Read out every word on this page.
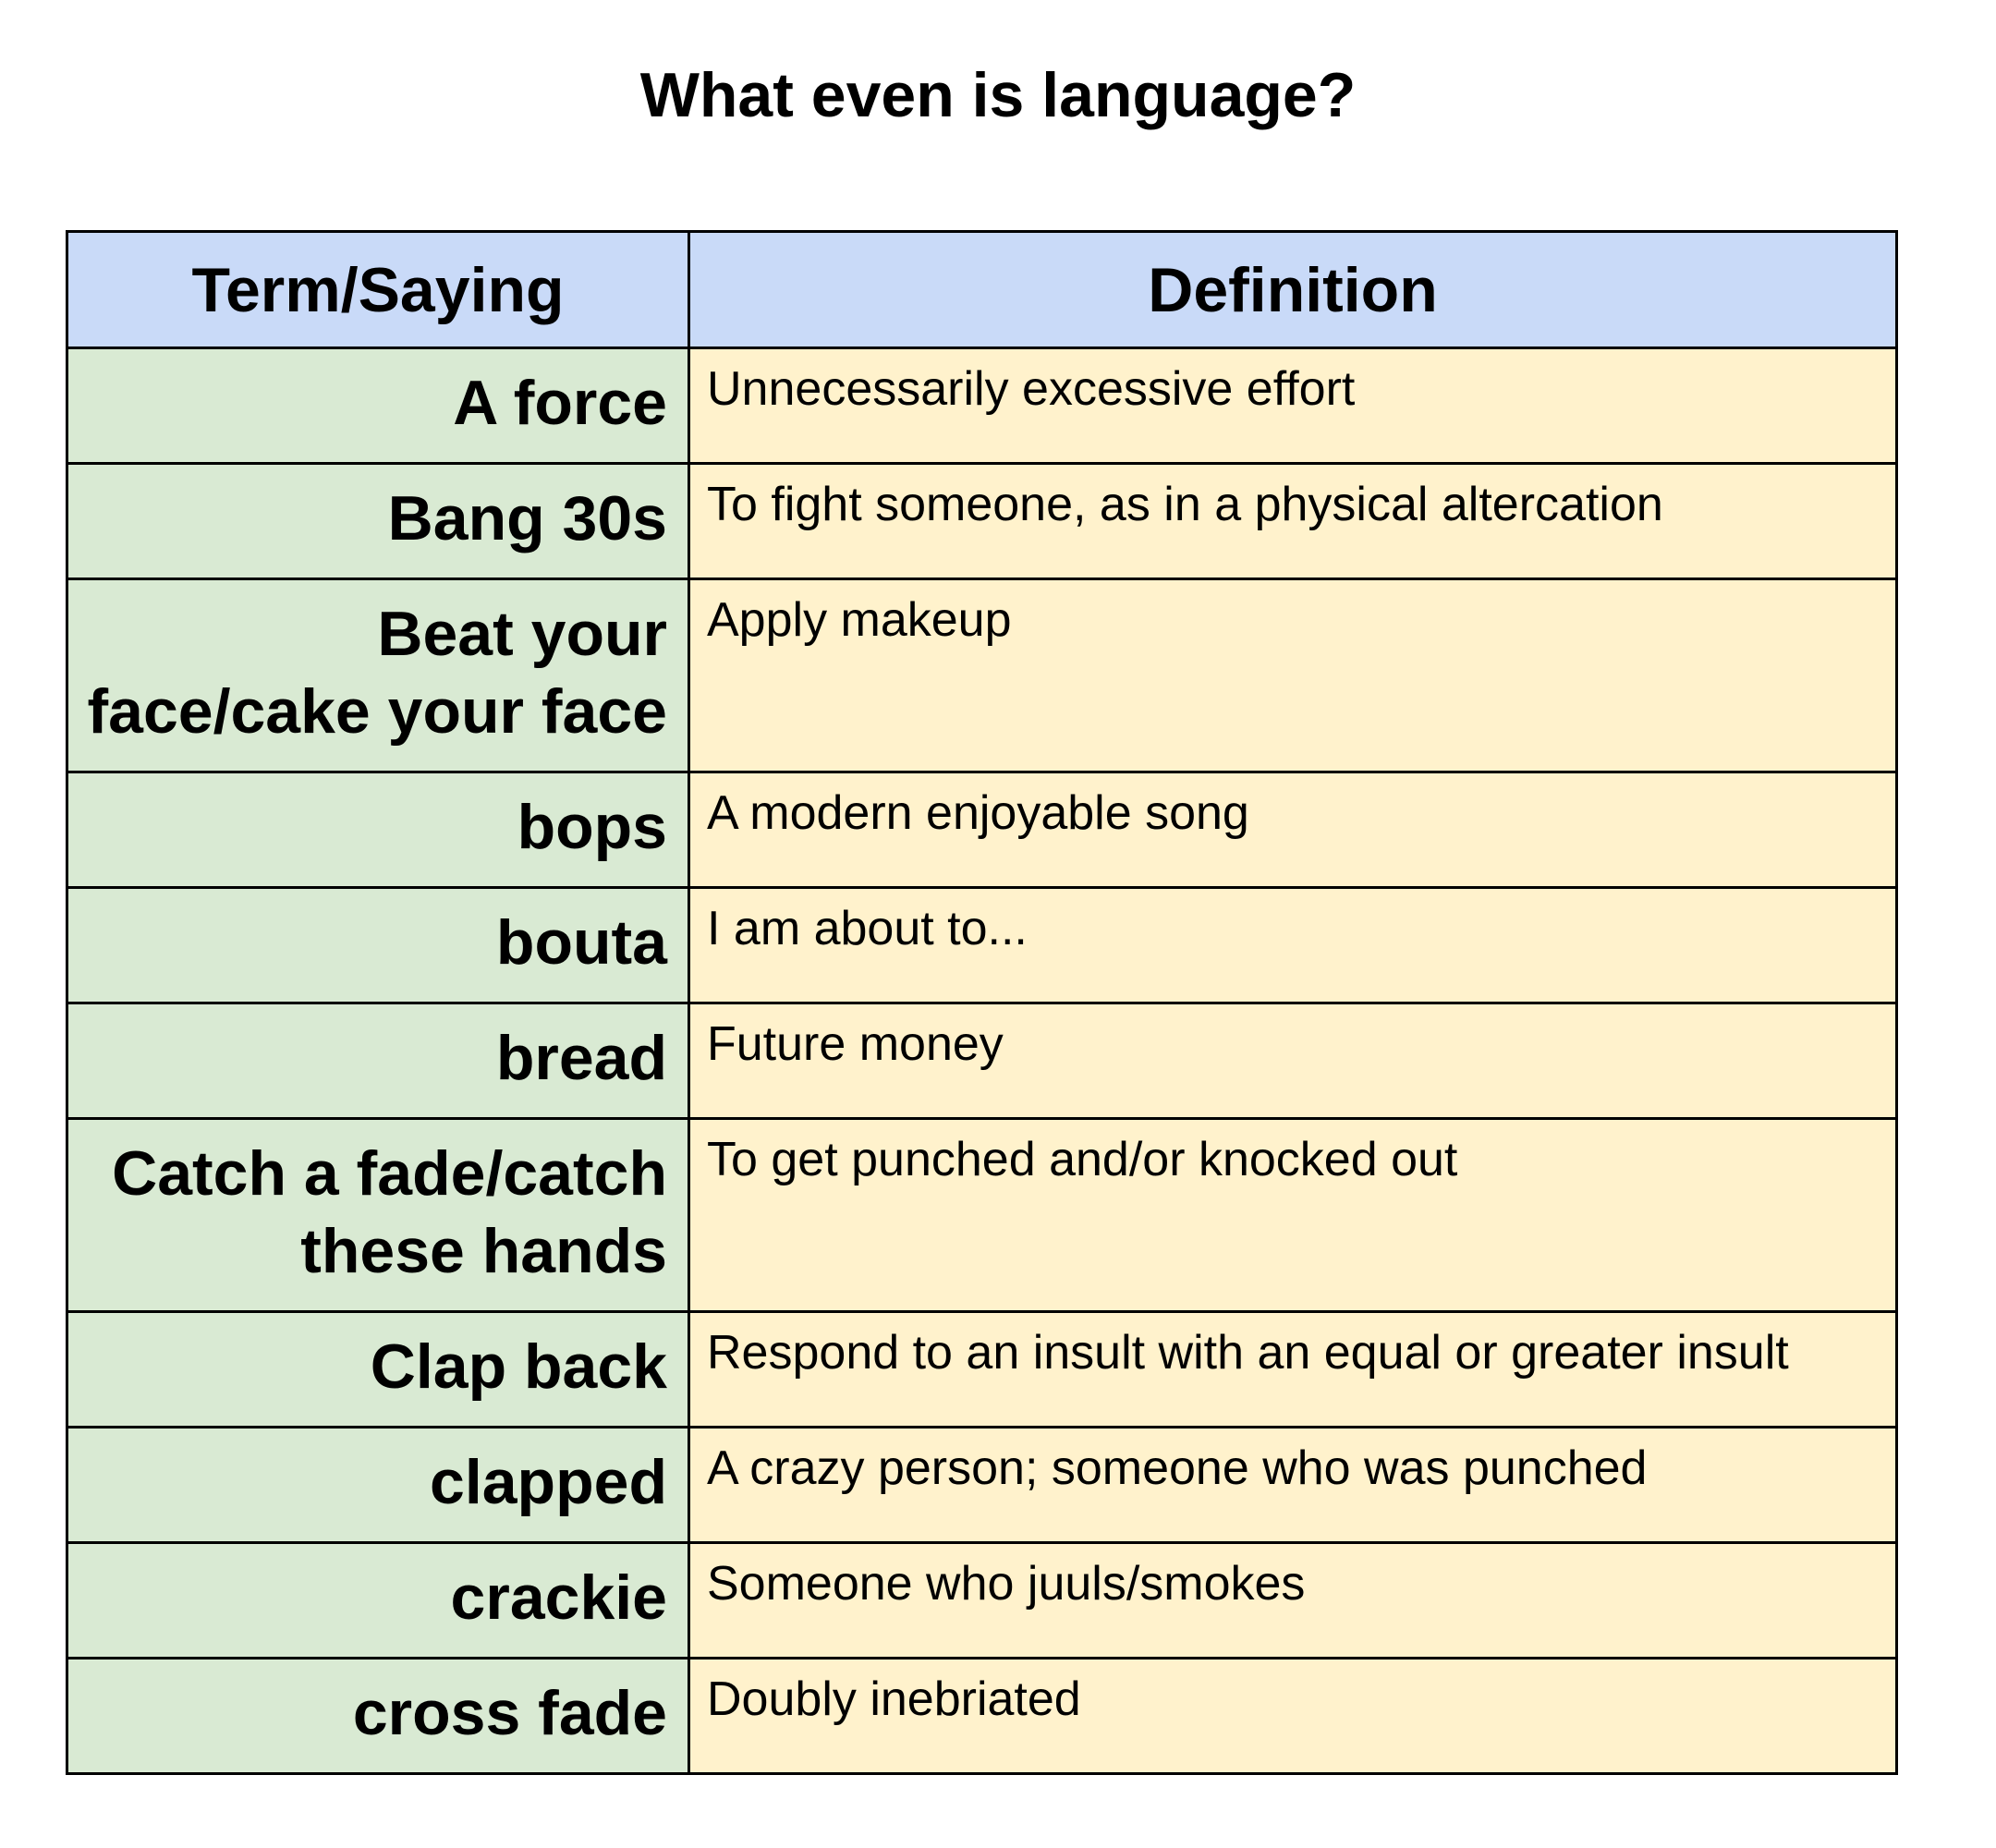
What even is language?
Term/Saying	Definition
A force	Unnecessarily excessive effort
Bang 30s	To fight someone, as in a physical altercation
Beat your face/cake your face	Apply makeup
bops	A modern enjoyable song
bouta	I am about to...
bread	Future money
Catch a fade/catch these hands	To get punched and/or knocked out
Clap back	Respond to an insult with an equal or greater insult
clapped	A crazy person; someone who was punched
crackie	Someone who juuls/smokes
cross fade	Doubly inebriated
